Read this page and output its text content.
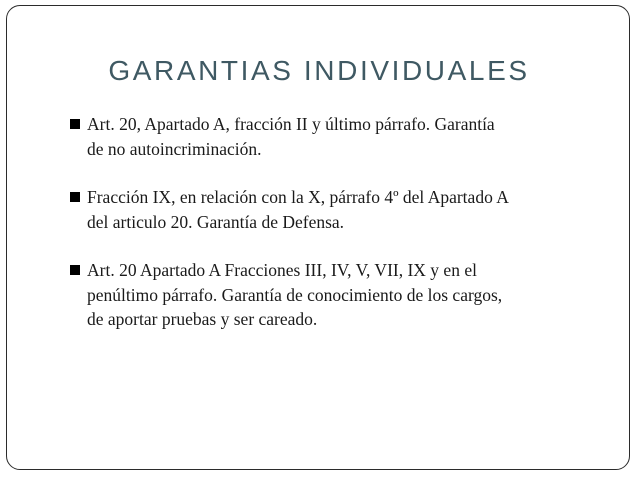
GARANTIAS INDIVIDUALES
Art. 20, Apartado A, fracción II y último párrafo. Garantía
de no autoincriminación.
Fracción IX, en relación con la X, párrafo 4º del Apartado A
del articulo 20. Garantía de Defensa.
Art. 20 Apartado A Fracciones III, IV, V, VII, IX y en el
penúltimo párrafo. Garantía de conocimiento de los cargos,
de aportar pruebas y ser careado.
